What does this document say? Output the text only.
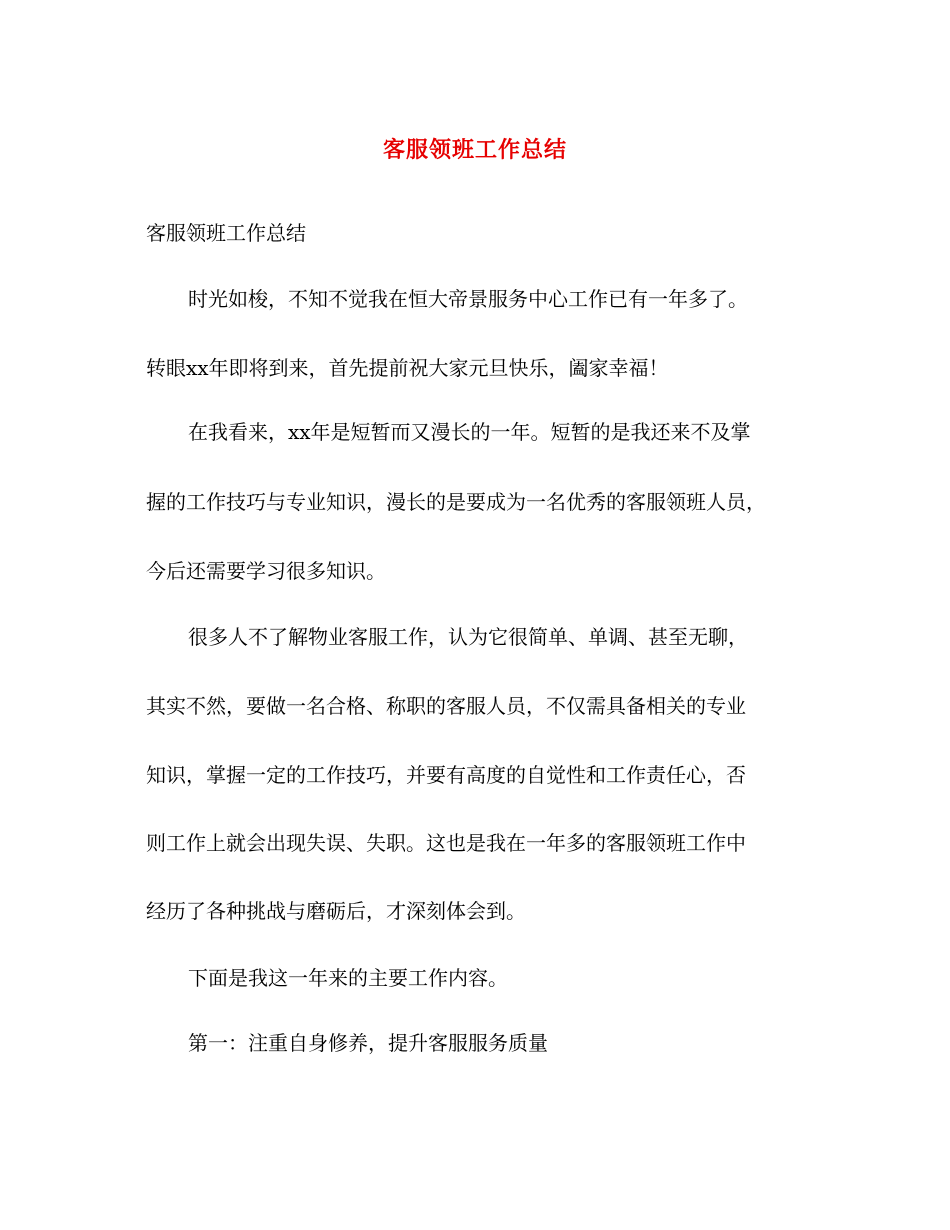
客服领班工作总结
客服领班工作总结
时光如梭，不知不觉我在恒大帝景服务中心工作已有一年多了。
转眼xx年即将到来，首先提前祝大家元旦快乐，阖家幸福！
在我看来，xx年是短暂而又漫长的一年。短暂的是我还来不及掌
握的工作技巧与专业知识，漫长的是要成为一名优秀的客服领班人员，
今后还需要学习很多知识。
很多人不了解物业客服工作，认为它很简单、单调、甚至无聊，
其实不然，要做一名合格、称职的客服人员，不仅需具备相关的专业
知识，掌握一定的工作技巧，并要有高度的自觉性和工作责任心，否
则工作上就会出现失误、失职。这也是我在一年多的客服领班工作中
经历了各种挑战与磨砺后，才深刻体会到。
下面是我这一年来的主要工作内容。
第一：注重自身修养，提升客服服务质量
